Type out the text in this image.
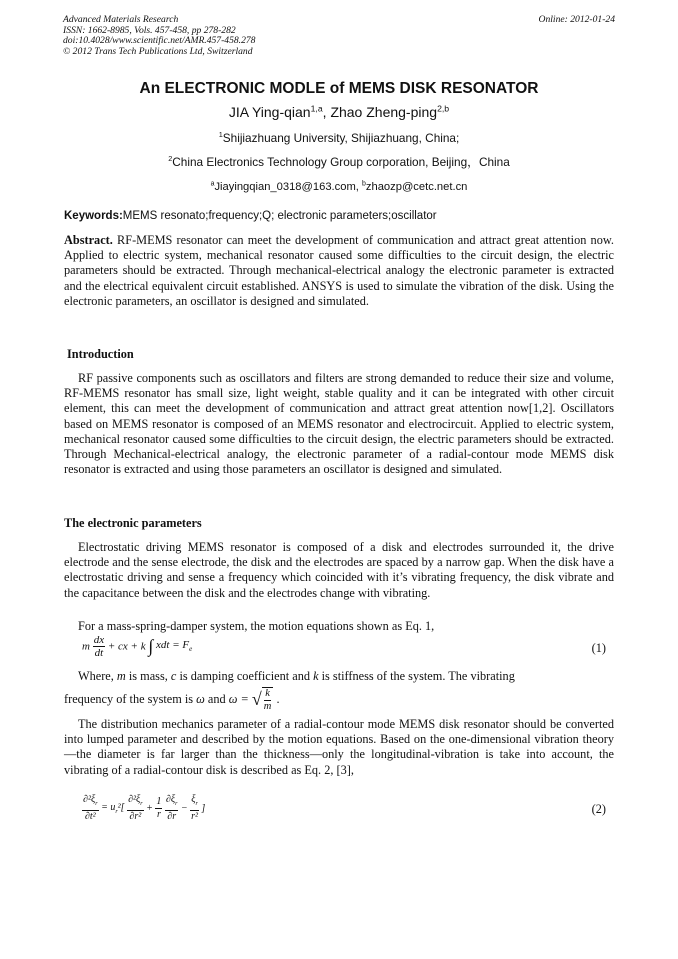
Advanced Materials Research
ISSN: 1662-8985, Vols. 457-458, pp 278-282
doi:10.4028/www.scientific.net/AMR.457-458.278
© 2012 Trans Tech Publications Ltd, Switzerland
Online: 2012-01-24
An ELECTRONIC MODLE of MEMS DISK RESONATOR
JIA Ying-qian$^{1,a}$, Zhao Zheng-ping$^{2,b}$
$^1$Shijiazhuang University, Shijiazhuang, China;
$^2$China Electronics Technology Group corporation, Beijing，China
$^a$Jiayingqian_0318@163.com, $^b$zhaozp@cetc.net.cn
Keywords:MEMS resonato;frequency;Q; electronic parameters;oscillator

Abstract. RF-MEMS resonator can meet the development of communication and attract great attention now. Applied to electric system, mechanical resonator caused some difficulties to the circuit design, the electric parameters should be extracted. Through mechanical-electrical analogy the electronic parameter is extracted and the electrical equivalent circuit established. ANSYS is used to simulate the vibration of the disk. Using the electronic parameters, an oscillator is designed and simulated.

Introduction

RF passive components such as oscillators and filters are strong demanded to reduce their size and volume, RF-MEMS resonator has small size, light weight, stable quality and it can be integrated with other circuit element, this can meet the development of communication and attract great attention now[1,2]. Oscillators based on MEMS resonator is composed of an MEMS resonator and electrocircuit. Applied to electric system, mechanical resonator caused some difficulties to the circuit design, the electric parameters should be extracted. Through Mechanical-electrical analogy, the electronic parameter of a radial-contour mode MEMS disk resonator is extracted and using those parameters an oscillator is designed and simulated.

The electronic parameters

Electrostatic driving MEMS resonator is composed of a disk and electrodes surrounded it, the drive electrode and the sense electrode, the disk and the electrodes are spaced by a narrow gap. When the disk have a electrostatic driving and sense a frequency which coincided with it’s vibrating frequency, the disk vibrate and the capacitance between the disk and the electrodes change with vibrating.

For a mass-spring-damper system, the motion equations shown as Eq. 1,

m $\frac{dx}{dt}$ + cx + k ∫ xdt = $F_e$	(1)

Where, m is mass, c is damping coefficient and k is stiffness of the system. The vibrating

frequency of the system is ω and ω = √ $\frac{k}{m}$ .

The distribution mechanics parameter of a radial-contour mode MEMS disk resonator should be converted into lumped parameter and described by the motion equations. Based on the one-dimensional vibration theory—the diameter is far larger than the thickness—only the longitudinal-vibration is take into account, the vibrating of a radial-contour disk is described as Eq. 2, [3],

$\frac{\partial^2\xi_r}{\text{∂t²}} = u_r^2[ \frac{\partial^2\xi_r}{\text{∂r²}} + \frac{1}{r}$
$\frac{\partial\xi_r}{\partial r} - \frac{\xi_r}{\text{r²}}$ ]	(2)
